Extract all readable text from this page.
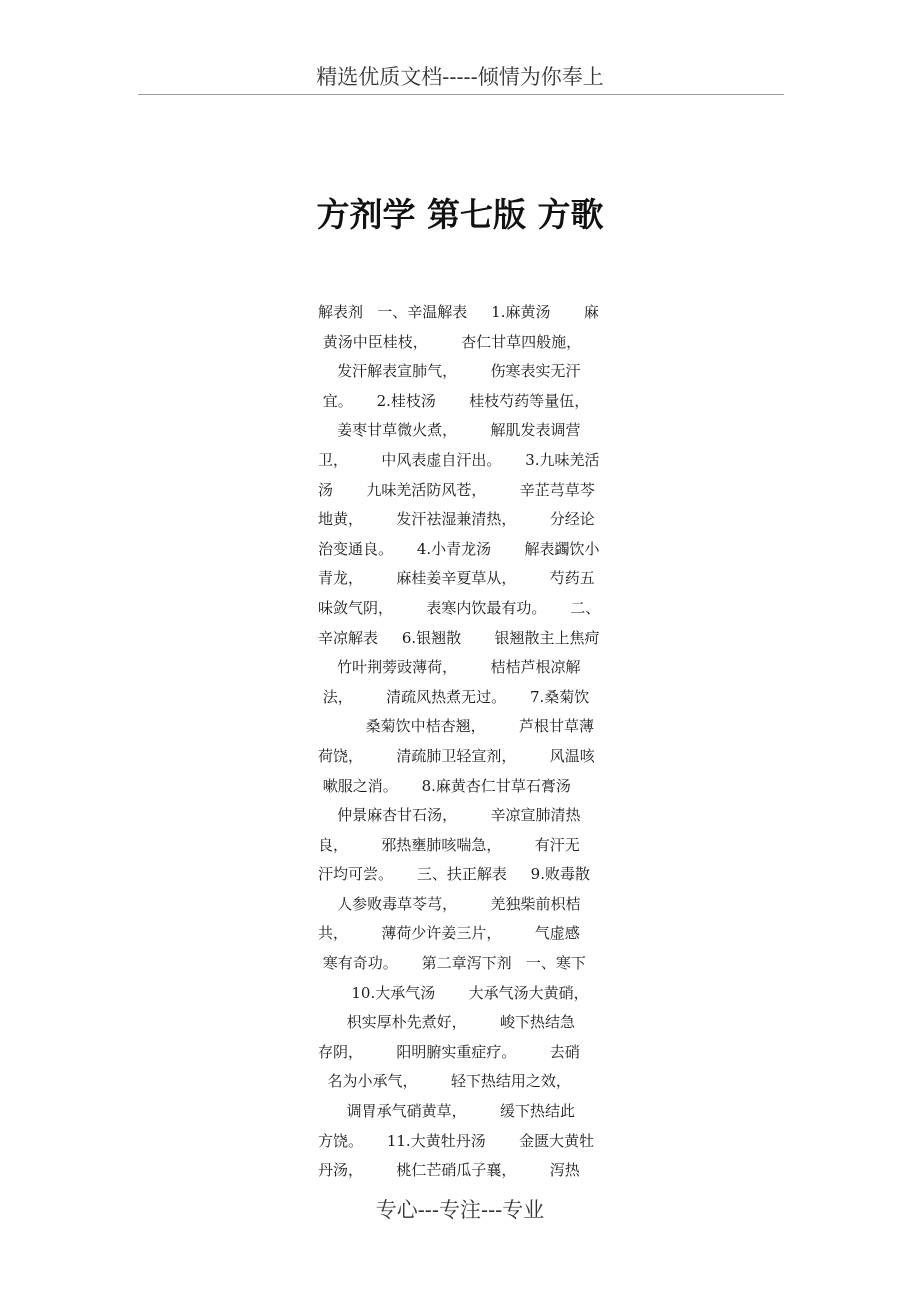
精选优质文档-----倾情为你奉上
方剂学 第七版 方歌
解表剂   一、辛温解表     1.麻黄汤       麻
黄汤中臣桂枝，       杏仁甘草四般施，
发汗解表宣肺气，       伤寒表实无汗
宜。     2.桂枝汤       桂枝芍药等量伍，
姜枣甘草微火煮，       解肌发表调营
卫，       中风表虚自汗出。     3.九味羌活
汤       九味羌活防风苍，       辛芷芎草芩
地黄，       发汗祛湿兼清热，       分经论
治变通良。     4.小青龙汤       解表蠲饮小
青龙，       麻桂姜辛夏草从，       芍药五
味敛气阴，       表寒内饮最有功。     二、
辛凉解表     6.银翘散       银翘散主上焦疴
竹叶荆蒡豉薄荷，       桔桔芦根凉解
法，       清疏风热煮无过。     7.桑菊饮
桑菊饮中桔杏翘，       芦根甘草薄
荷饶，       清疏肺卫轻宣剂，       风温咳
嗽服之消。     8.麻黄杏仁甘草石膏汤
仲景麻杏甘石汤，       辛凉宣肺清热
良，       邪热壅肺咳喘急，       有汗无
汗均可尝。     三、扶正解表     9.败毒散
人参败毒草苓芎，       羌独柴前枳桔
共，       薄荷少许姜三片，       气虚感
寒有奇功。     第二章泻下剂   一、寒下
10.大承气汤       大承气汤大黄硝，
枳实厚朴先煮好，       峻下热结急
存阴，       阳明腑实重症疗。       去硝
名为小承气，       轻下热结用之效，
调胃承气硝黄草，       缓下热结此
方饶。     11.大黄牡丹汤       金匮大黄牡
丹汤，       桃仁芒硝瓜子襄，       泻热
专心---专注---专业
